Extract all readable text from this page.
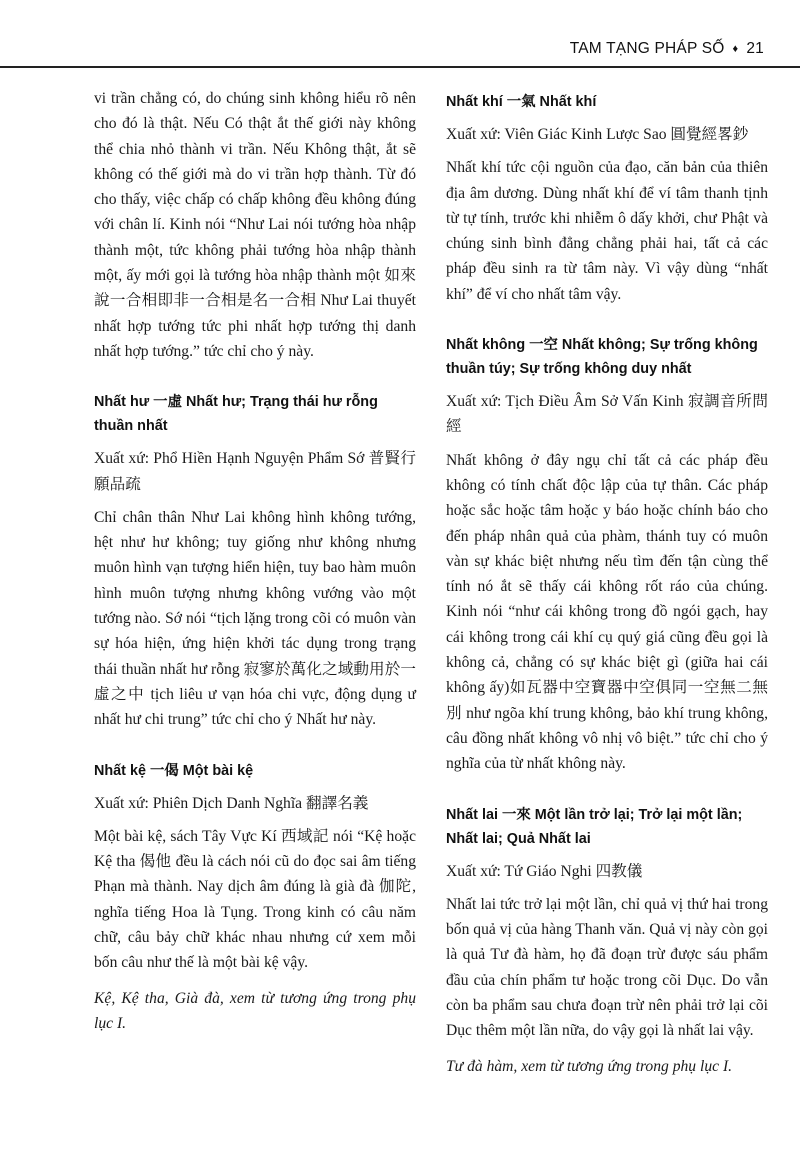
TAM TẠNG PHÁP SỐ ♦ 21

vi trần chẳng có, do chúng sinh không hiểu rõ nên cho đó là thật. Nếu Có thật ắt thế giới này không thể chia nhỏ thành vi trần. Nếu Không thật, ắt sẽ không có thế giới mà do vi trần hợp thành. Từ đó cho thấy, việc chấp có chấp không đều không đúng với chân lí. Kinh nói “Như Lai nói tướng hòa nhập thành một, tức không phải tướng hòa nhập thành một, ấy mới gọi là tướng hòa nhập thành một 如來說一合相即非一合相是名一合相 Như Lai thuyết nhất hợp tướng tức phi nhất hợp tướng thị danh nhất hợp tướng.” tức chỉ cho ý này.

Nhất hư 一虛 Nhất hư; Trạng thái hư rỗng thuần nhất

Xuất xứ: Phổ Hiền Hạnh Nguyện Phẩm Sớ 普賢行願品疏

Chỉ chân thân Như Lai không hình không tướng, hệt như hư không; tuy giống như không nhưng muôn hình vạn tượng hiển hiện, tuy bao hàm muôn hình muôn tượng nhưng không vướng vào một tướng nào. Sớ nói “tịch lặng trong cõi có muôn vàn sự hóa hiện, ứng hiện khởi tác dụng trong trạng thái thuần nhất hư rỗng 寂寥於萬化之域動用於一虛之中 tịch liêu ư vạn hóa chi vực, động dụng ư nhất hư chi trung” tức chỉ cho ý Nhất hư này.

Nhất kệ 一偈 Một bài kệ

Xuất xứ: Phiên Dịch Danh Nghĩa 翻譯名義

Một bài kệ, sách Tây Vực Kí 西域記 nói “Kệ hoặc Kệ tha 偈他 đều là cách nói cũ do đọc sai âm tiếng Phạn mà thành. Nay dịch âm đúng là già đà 伽陀, nghĩa tiếng Hoa là Tụng. Trong kinh có câu năm chữ, câu bảy chữ khác nhau nhưng cứ xem mỗi bốn câu như thế là một bài kệ vậy.

Kệ, Kệ tha, Già đà, xem từ tương ứng trong phụ lục I.

Nhất khí 一氣 Nhất khí

Xuất xứ: Viên Giác Kinh Lược Sao 圓覺經畧鈔

Nhất khí tức cội nguồn của đạo, căn bản của thiên địa âm dương. Dùng nhất khí để ví tâm thanh tịnh từ tự tính, trước khi nhiễm ô dấy khởi, chư Phật và chúng sinh bình đẳng chẳng phải hai, tất cả các pháp đều sinh ra từ tâm này. Vì vậy dùng “nhất khí” để ví cho nhất tâm vậy.

Nhất không 一空 Nhất không; Sự trống không thuần túy; Sự trống không duy nhất

Xuất xứ: Tịch Điều Âm Sở Vấn Kinh 寂調音所問經

Nhất không ở đây ngụ chỉ tất cả các pháp đều không có tính chất độc lập của tự thân. Các pháp hoặc sắc hoặc tâm hoặc y báo hoặc chính báo cho đến pháp nhân quả của phàm, thánh tuy có muôn vàn sự khác biệt nhưng nếu tìm đến tận cùng thể tính nó ắt sẽ thấy cái không rốt ráo của chúng. Kinh nói “như cái không trong đồ ngói gạch, hay cái không trong cái khí cụ quý giá cũng đều gọi là không cả, chẳng có sự khác biệt gì (giữa hai cái không ấy)如瓦器中空寶器中空俱同一空無二無別 như ngõa khí trung không, bảo khí trung không, câu đồng nhất không vô nhị vô biệt.” tức chỉ cho ý nghĩa của từ nhất không này.

Nhất lai 一來 Một lần trở lại; Trở lại một lần; Nhất lai; Quả Nhất lai

Xuất xứ: Tứ Giáo Nghi 四教儀

Nhất lai tức trở lại một lần, chỉ quả vị thứ hai trong bốn quả vị của hàng Thanh văn. Quả vị này còn gọi là quả Tư đà hàm, họ đã đoạn trừ được sáu phẩm đầu của chín phẩm tư hoặc trong cõi Dục. Do vẫn còn ba phẩm sau chưa đoạn trừ nên phải trở lại cõi Dục thêm một lần nữa, do vậy gọi là nhất lai vậy.

Tư đà hàm, xem từ tương ứng trong phụ lục I.
